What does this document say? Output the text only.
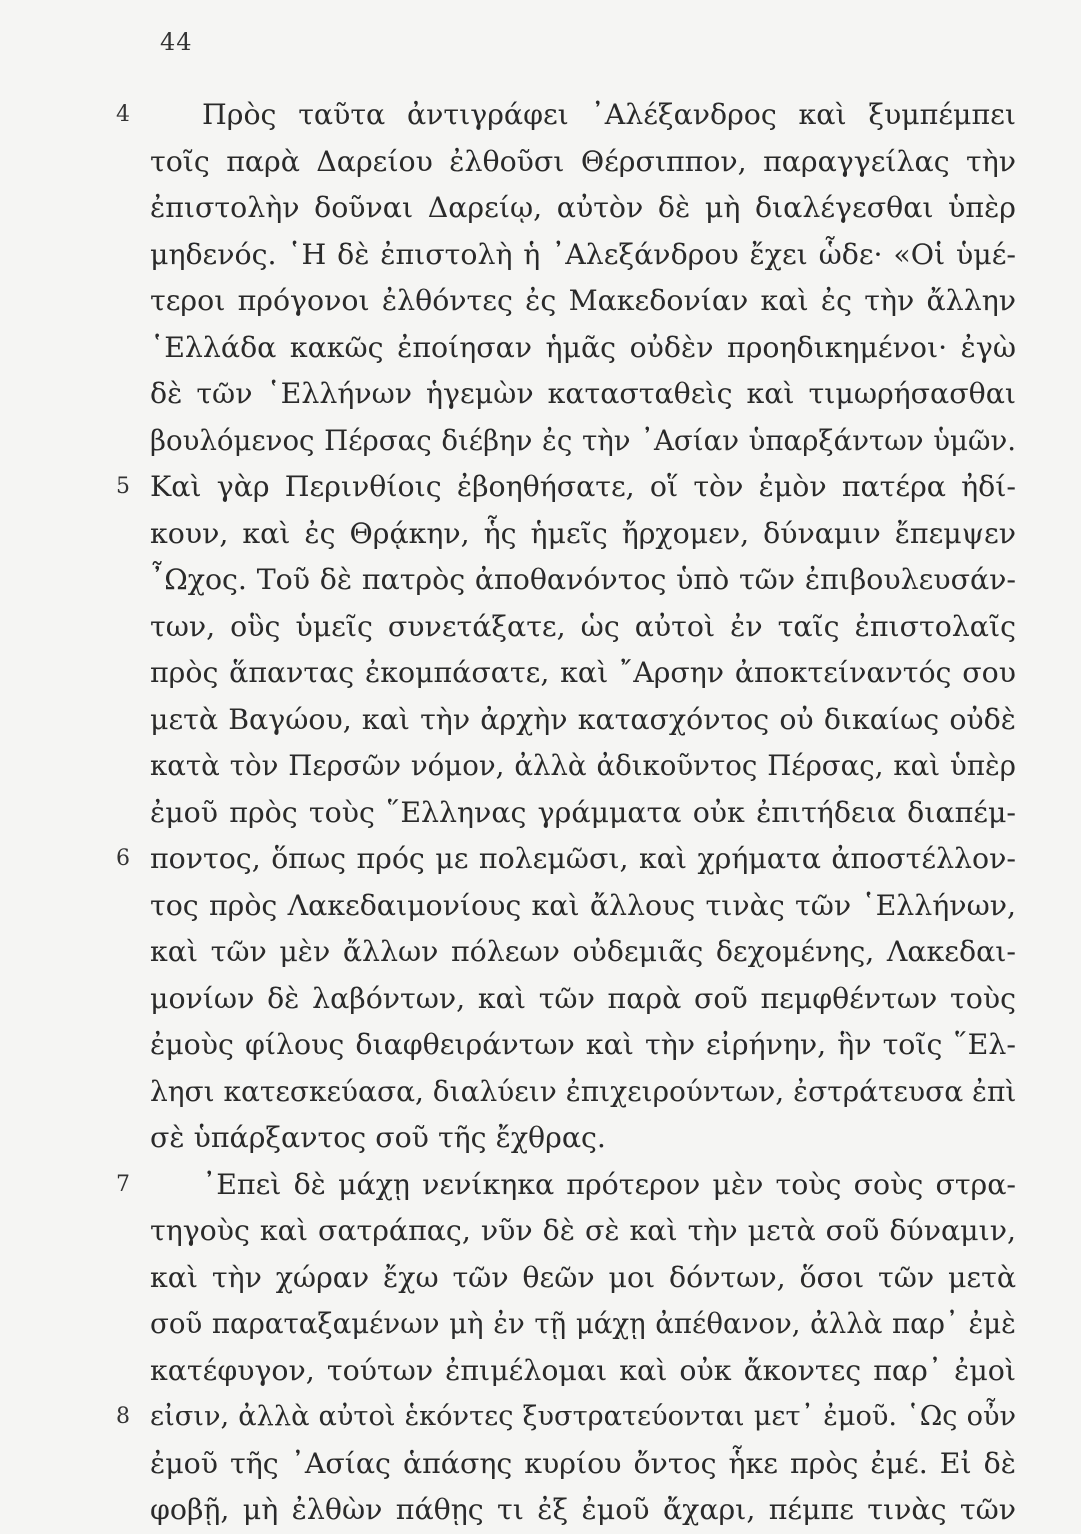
44
4	Πρὸς ταῦτα ἀντιγράφει ᾿Αλέξανδρος καὶ ξυμπέμπει
τοῖς παρὰ Δαρείου ἐλθοῦσι Θέρσιππον, παραγγείλας τὴν
ἐπιστολὴν δοῦναι Δαρείῳ, αὐτὸν δὲ μὴ διαλέγεσθαι ὑπὲρ
μηδενός. ῾Η δὲ ἐπιστολὴ ἡ ᾿Αλεξάνδρου ἔχει ὧδε· «Οἱ ὑμέ-
τεροι πρόγονοι ἐλθόντες ἐς Μακεδονίαν καὶ ἐς τὴν ἄλλην
῾Ελλάδα κακῶς ἐποίησαν ἡμᾶς οὐδὲν προηδικημένοι· ἐγὼ
δὲ τῶν ῾Ελλήνων ἡγεμὼν κατασταθεὶς καὶ τιμωρήσασθαι
βουλόμενος Πέρσας διέβην ἐς τὴν ᾿Ασίαν ὑπαρξάντων ὑμῶν.
5 Καὶ γὰρ Περινθίοις ἐβοηθήσατε, οἵ τὸν ἐμὸν πατέρα ἠδί-
κουν, καὶ ἐς Θρᾴκην, ἧς ἡμεῖς ἤρχομεν, δύναμιν ἔπεμψεν
῏Ωχος. Τοῦ δὲ πατρὸς ἀποθανόντος ὑπὸ τῶν ἐπιβουλευσάν-
των, οὓς ὑμεῖς συνετάξατε, ὡς αὐτοὶ ἐν ταῖς ἐπιστολαῖς
πρὸς ἅπαντας ἐκομπάσατε, καὶ ῎Αρσην ἀποκτείναντός σου
μετὰ Βαγώου, καὶ τὴν ἀρχὴν κατασχόντος οὐ δικαίως οὐδὲ
κατὰ τὸν Περσῶν νόμον, ἀλλὰ ἀδικοῦντος Πέρσας, καὶ ὑπὲρ
ἐμοῦ πρὸς τοὺς ῞Ελληνας γράμματα οὐκ ἐπιτήδεια διαπέμ-
6 ποντος, ὅπως πρός με πολεμῶσι, καὶ χρήματα ἀποστέλλον-
τος πρὸς Λακεδαιμονίους καὶ ἄλλους τινὰς τῶν ῾Ελλήνων,
καὶ τῶν μὲν ἄλλων πόλεων οὐδεμιᾶς δεχομένης, Λακεδαι-
μονίων δὲ λαβόντων, καὶ τῶν παρὰ σοῦ πεμφθέντων τοὺς
ἐμοὺς φίλους διαφθειράντων καὶ τὴν εἰρήνην, ἣν τοῖς ῞Ελ-
λησι κατεσκεύασα, διαλύειν ἐπιχειρούντων, ἐστράτευσα ἐπὶ
σὲ ὑπάρξαντος σοῦ τῆς ἔχθρας.
7	᾿Επεὶ δὲ μάχῃ νενίκηκα πρότερον μὲν τοὺς σοὺς στρα-
τηγοὺς καὶ σατράπας, νῦν δὲ σὲ καὶ τὴν μετὰ σοῦ δύναμιν,
καὶ τὴν χώραν ἔχω τῶν θεῶν μοι δόντων, ὅσοι τῶν μετὰ
σοῦ παραταξαμένων μὴ ἐν τῇ μάχῃ ἀπέθανον, ἀλλὰ παρ᾿ ἐμὲ
κατέφυγον, τούτων ἐπιμέλομαι καὶ οὐκ ἄκοντες παρ᾿ ἐμοὶ
8 εἰσιν, ἀλλὰ αὐτοὶ ἑκόντες ξυστρατεύονται μετ᾿ ἐμοῦ. ῾Ως οὖν
ἐμοῦ τῆς ᾿Ασίας ἁπάσης κυρίου ὄντος ἧκε πρὸς ἐμέ. Εἰ δὲ
φοβῇ, μὴ ἐλθὼν πάθῃς τι ἐξ ἐμοῦ ἄχαρι, πέμπε τινὰς τῶν
